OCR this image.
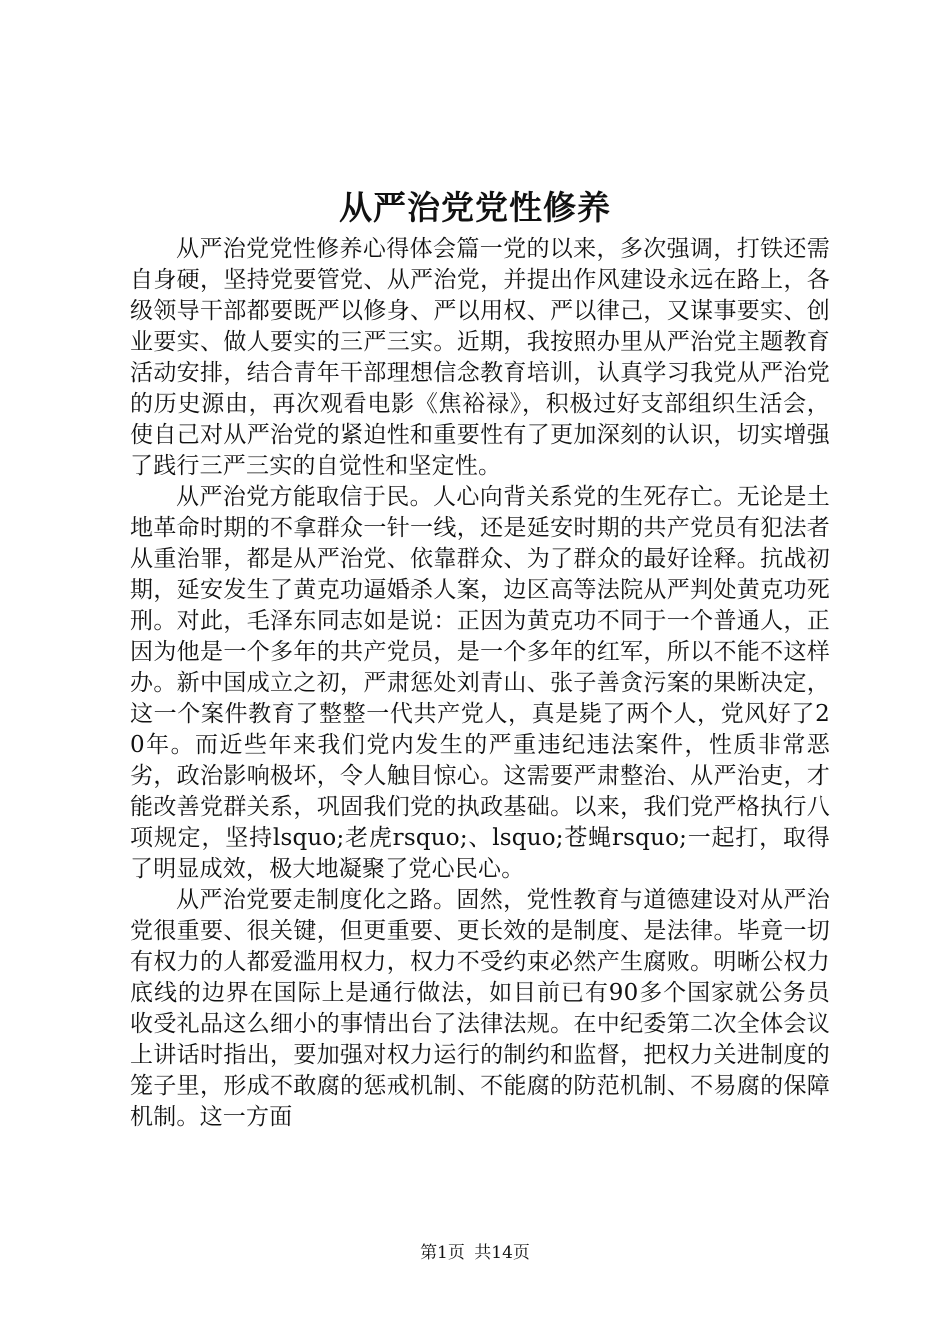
从严治党党性修养

从严治党党性修养心得体会篇一党的以来，多次强调，打铁还需自身硬，坚持党要管党、从严治党，并提出作风建设永远在路上，各级领导干部都要既严以修身、严以用权、严以律己，又谋事要实、创业要实、做人要实的三严三实。近期，我按照办里从严治党主题教育活动安排，结合青年干部理想信念教育培训，认真学习我党从严治党的历史源由，再次观看电影《焦裕禄》，积极过好支部组织生活会，使自己对从严治党的紧迫性和重要性有了更加深刻的认识，切实增强了践行三严三实的自觉性和坚定性。

从严治党方能取信于民。人心向背关系党的生死存亡。无论是土地革命时期的不拿群众一针一线，还是延安时期的共产党员有犯法者从重治罪，都是从严治党、依靠群众、为了群众的最好诠释。抗战初期，延安发生了黄克功逼婚杀人案，边区高等法院从严判处黄克功死刑。对此，毛泽东同志如是说：正因为黄克功不同于一个普通人，正因为他是一个多年的共产党员，是一个多年的红军，所以不能不这样办。新中国成立之初，严肃惩处刘青山、张子善贪污案的果断决定，这一个案件教育了整整一代共产党人，真是毙了两个人，党风好了20年。而近些年来我们党内发生的严重违纪违法案件，性质非常恶劣，政治影响极坏，令人触目惊心。这需要严肃整治、从严治吏，才能改善党群关系，巩固我们党的执政基础。以来，我们党严格执行八项规定，坚持lsquo;老虎rsquo;、lsquo;苍蝇rsquo;一起打，取得了明显成效，极大地凝聚了党心民心。

从严治党要走制度化之路。固然，党性教育与道德建设对从严治党很重要、很关键，但更重要、更长效的是制度、是法律。毕竟一切有权力的人都爱滥用权力，权力不受约束必然产生腐败。明晰公权力底线的边界在国际上是通行做法，如目前已有90多个国家就公务员收受礼品这么细小的事情出台了法律法规。在中纪委第二次全体会议上讲话时指出，要加强对权力运行的制约和监督，把权力关进制度的笼子里，形成不敢腐的惩戒机制、不能腐的防范机制、不易腐的保障机制。这一方面

第1页 共14页
